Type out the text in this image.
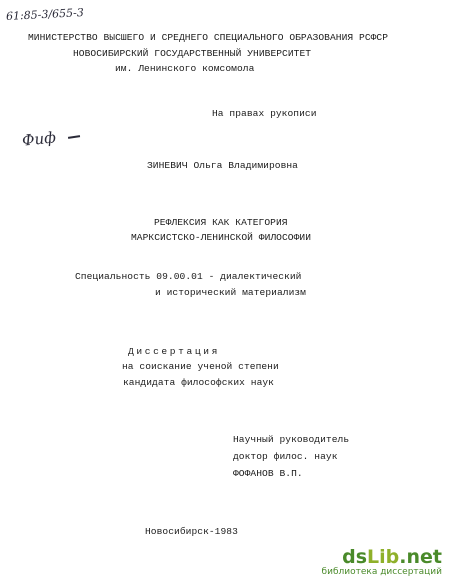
61:85-3/655-3
МИНИСТЕРСТВО ВЫСШЕГО И СРЕДНЕГО СПЕЦИАЛЬНОГО ОБРАЗОВАНИЯ РСФСР
НОВОСИБИРСКИЙ ГОСУДАРСТВЕННЫЙ УНИВЕРСИТЕТ
им. Ленинского комсомола
На правах рукописи
Фиф
ЗИНЕВИЧ Ольга Владимировна
РЕФЛЕКСИЯ КАК КАТЕГОРИЯ
МАРКСИСТСКО-ЛЕНИНСКОЙ ФИЛОСОФИИ
Специальность 09.00.01 - диалектический
и исторический материализм
Диссертация
на соискание ученой степени
кандидата философских наук
Научный руководитель
доктор филос. наук
ФОФАНОВ В.П.
Новосибирск-1983
dsLib.net
библиотека диссертаций
